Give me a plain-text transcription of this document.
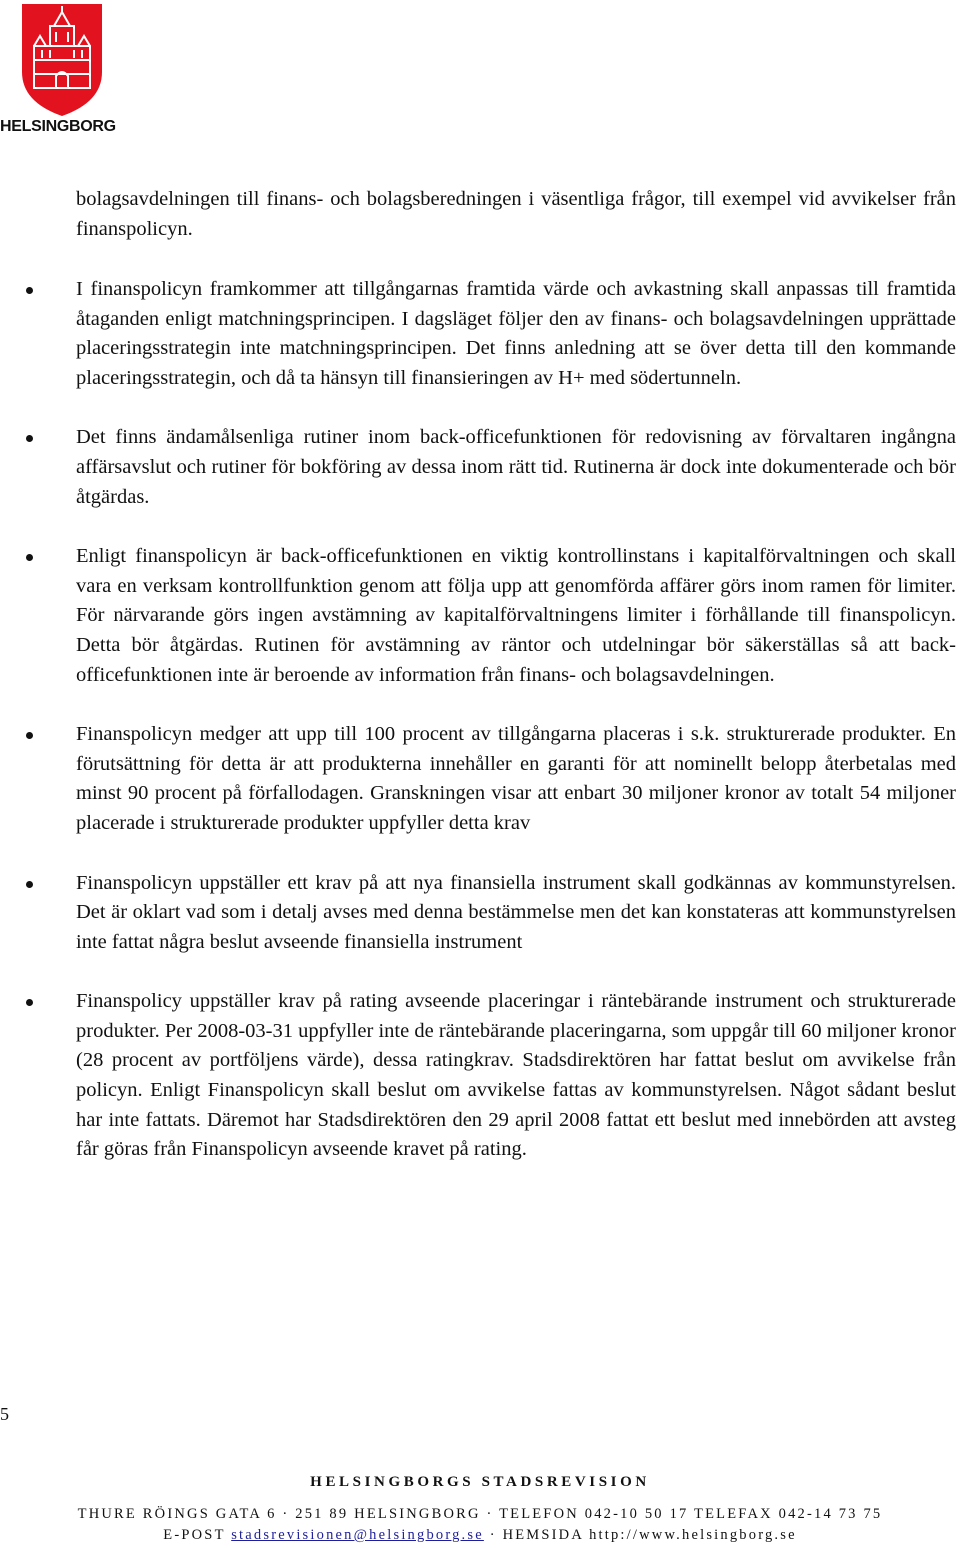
HELSINGBORG
bolagsavdelningen till finans- och bolagsberedningen i väsentliga frågor, till exempel vid avvikelser från finanspolicyn.
I finanspolicyn framkommer att tillgångarnas framtida värde och avkastning skall anpassas till framtida åtaganden enligt matchningsprincipen. I dagsläget följer den av finans- och bolagsavdelningen upprättade placeringsstrategin inte matchningsprincipen. Det finns anledning att se över detta till den kommande placeringsstrategin, och då ta hänsyn till finansieringen av H+ med södertunneln.
Det finns ändamålsenliga rutiner inom back-officefunktionen för redovisning av förvaltaren ingångna affärsavslut och rutiner för bokföring av dessa inom rätt tid. Rutinerna är dock inte dokumenterade och bör åtgärdas.
Enligt finanspolicyn är back-officefunktionen en viktig kontrollinstans i kapitalförvaltningen och skall vara en verksam kontrollfunktion genom att följa upp att genomförda affärer görs inom ramen för limiter. För närvarande görs ingen avstämning av kapitalförvaltningens limiter i förhållande till finanspolicyn. Detta bör åtgärdas. Rutinen för avstämning av räntor och utdelningar bör säkerställas så att back-officefunktionen inte är beroende av information från finans- och bolagsavdelningen.
Finanspolicyn medger att upp till 100 procent av tillgångarna placeras i s.k. strukturerade produkter. En förutsättning för detta är att produkterna innehåller en garanti för att nominellt belopp återbetalas med minst 90 procent på förfallodagen. Granskningen visar att enbart 30 miljoner kronor av totalt 54 miljoner placerade i strukturerade produkter uppfyller detta krav
Finanspolicyn uppställer ett krav på att nya finansiella instrument skall godkännas av kommunstyrelsen. Det är oklart vad som i detalj avses med denna bestämmelse men det kan konstateras att kommunstyrelsen inte fattat några beslut avseende finansiella instrument
Finanspolicy uppställer krav på rating avseende placeringar i räntebärande instrument och strukturerade produkter. Per 2008-03-31 uppfyller inte de räntebärande placeringarna, som uppgår till 60 miljoner kronor (28 procent av portföljens värde), dessa ratingkrav. Stadsdirektören har fattat beslut om avvikelse från policyn. Enligt Finanspolicyn skall beslut om avvikelse fattas av kommunstyrelsen. Något sådant beslut har inte fattats. Däremot har Stadsdirektören den 29 april 2008 fattat ett beslut med innebörden att avsteg får göras från Finanspolicyn avseende kravet på rating.
5
HELSINGBORGS STADSREVISION
THURE RÖINGS GATA 6 · 251 89 HELSINGBORG · TELEFON 042-10 50 17 TELEFAX 042-14 73 75
E-POST stadsrevisionen@helsingborg.se · HEMSIDA http://www.helsingborg.se
